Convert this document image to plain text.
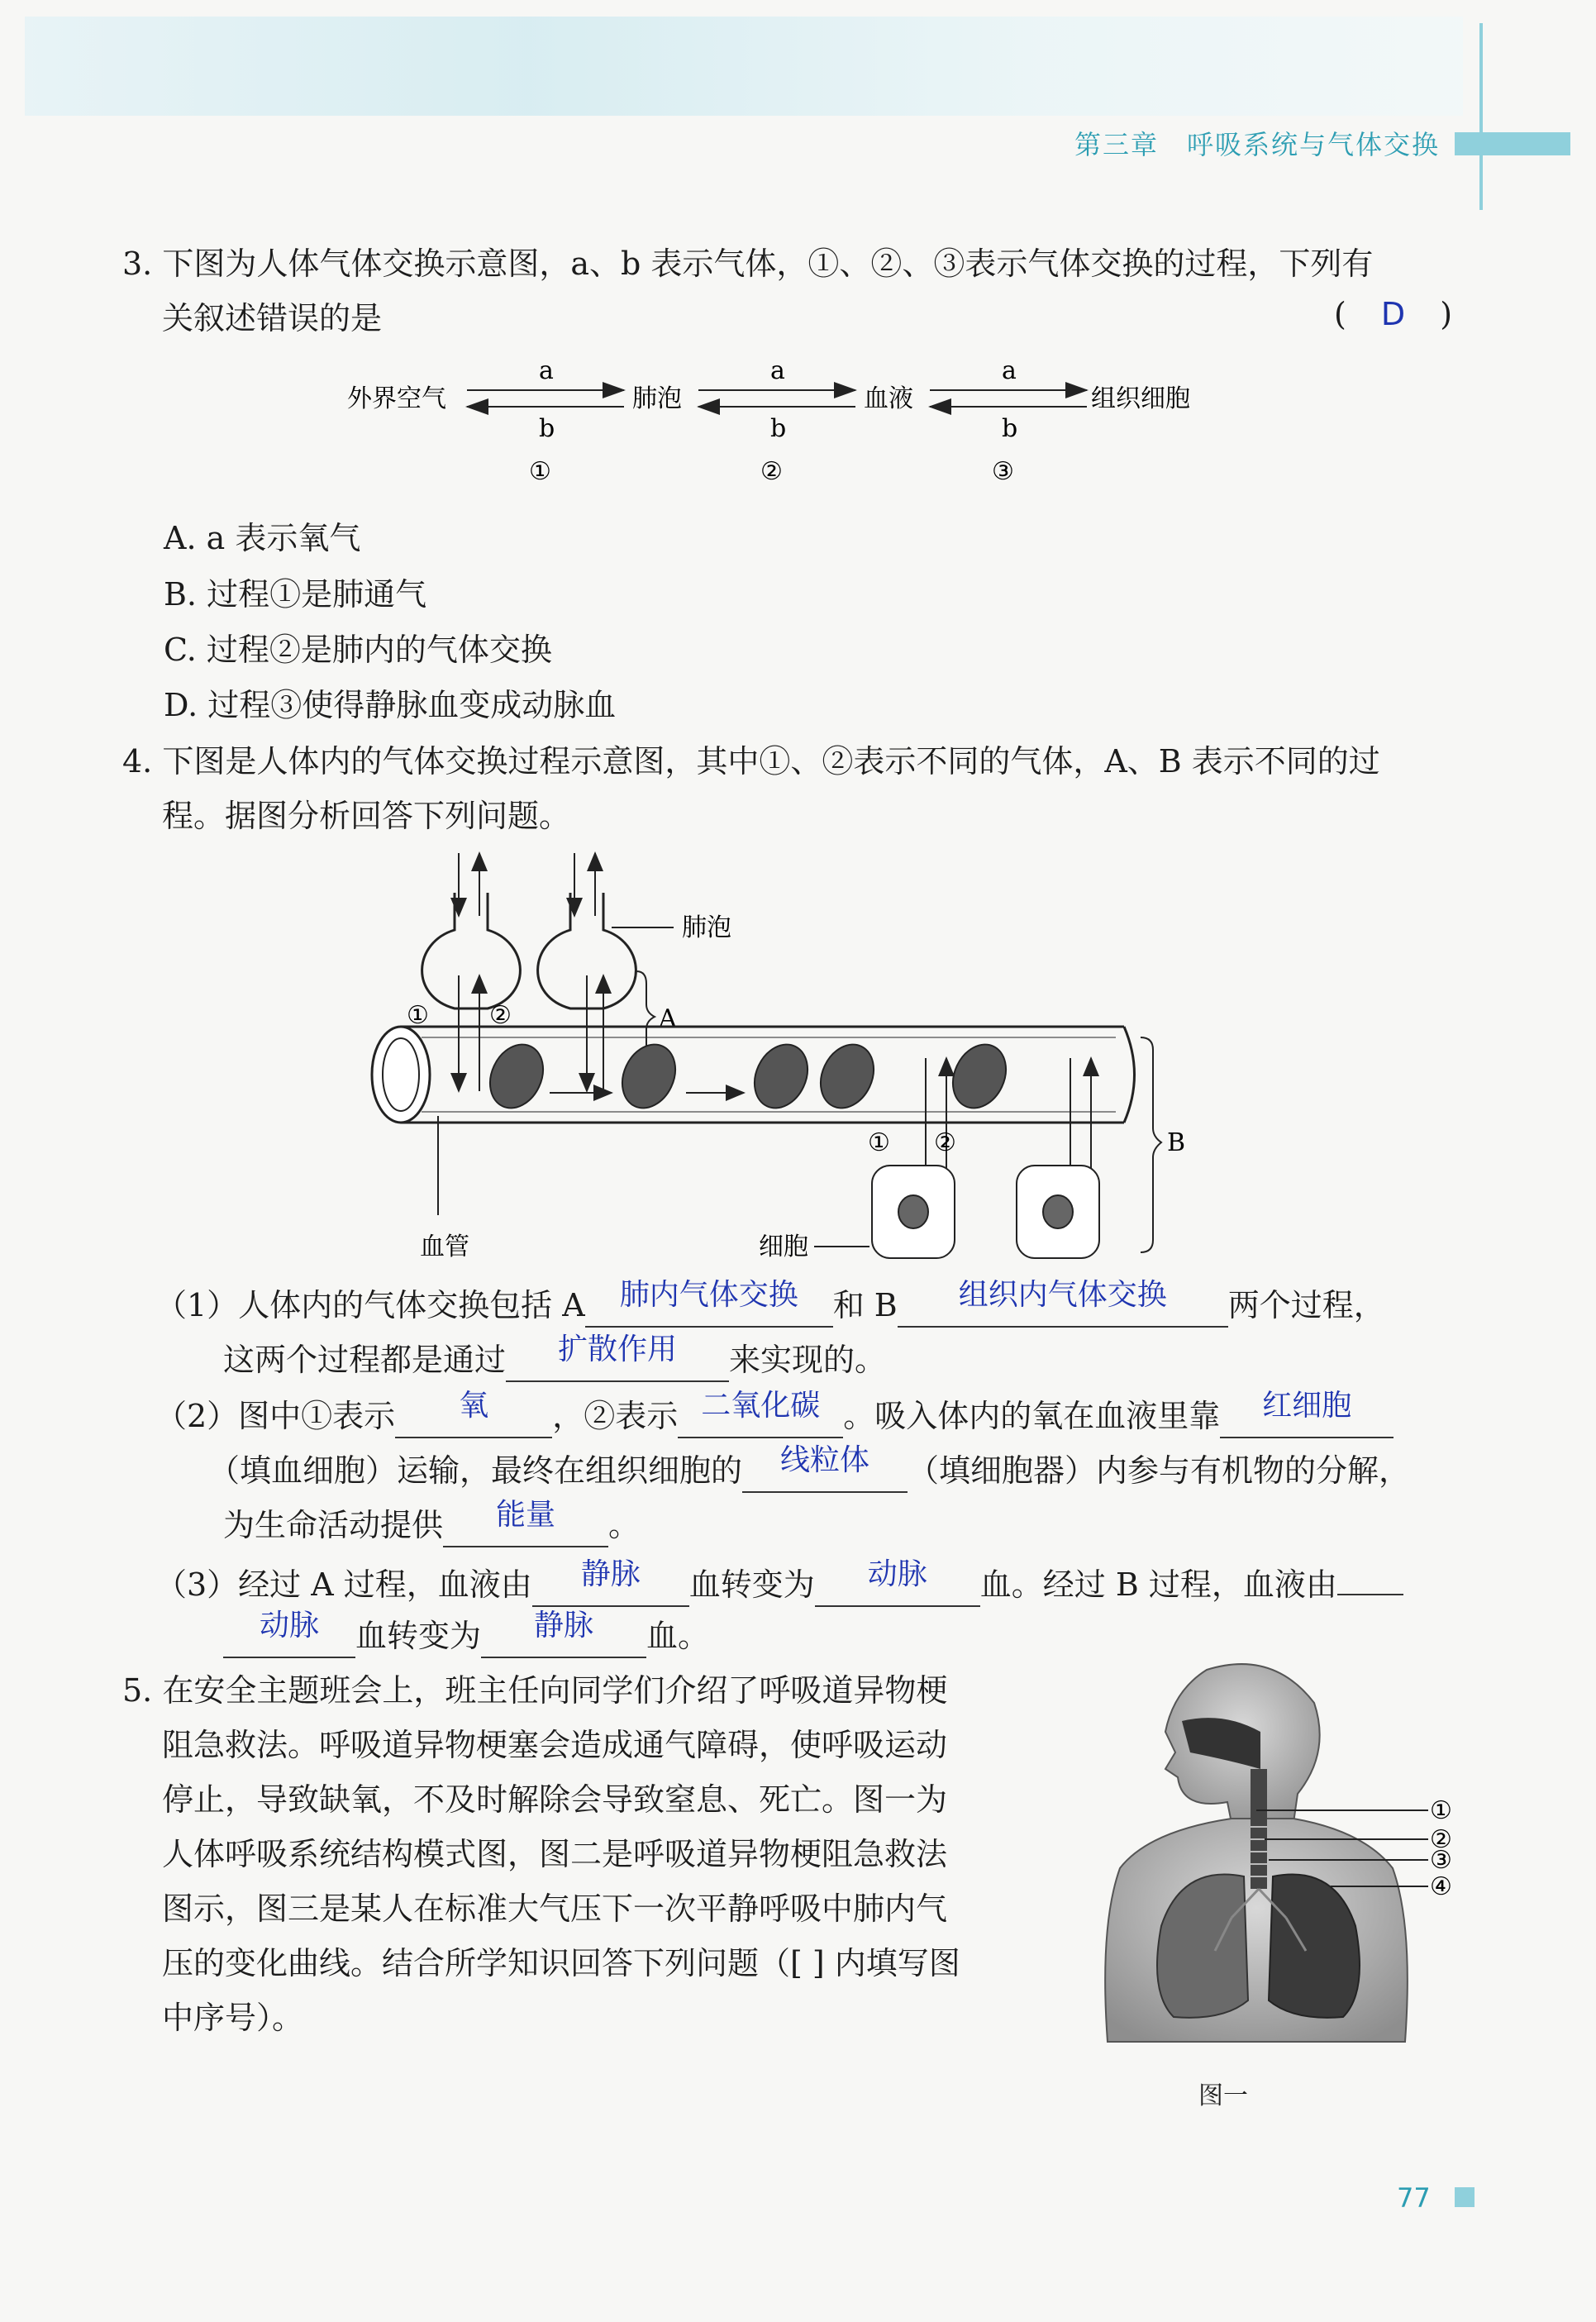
第三章　呼吸系统与气体交换
3. 下图为人体气体交换示意图，a、b 表示气体，①、②、③表示气体交换的过程，下列有
关叙述错误的是	( D )
外界空气	肺泡	血液	组织细胞
a
b
a
b
a
b
①	②	③
A. a 表示氧气
B. 过程①是肺通气
C. 过程②是肺内的气体交换
D. 过程③使得静脉血变成动脉血
4. 下图是人体内的气体交换过程示意图，其中①、②表示不同的气体，A、B 表示不同的过
程。据图分析回答下列问题。
肺泡
A
① ②
① ②	B
血管	细胞
（1）人体内的气体交换包括 A 肺内气体交换 和 B 组织内气体交换 两个过程，
这两个过程都是通过 扩散作用 来实现的。
（2）图中①表示 氧 ，②表示 二氧化碳 。吸入体内的氧在血液里靠 红细胞
（填血细胞）运输，最终在组织细胞的 线粒体 （填细胞器）内参与有机物的分解，
为生命活动提供 能量 。
（3）经过 A 过程，血液由 静脉 血转变为 动脉 血。经过 B 过程，血液由
动脉 血转变为 静脉 血。
5. 在安全主题班会上，班主任向同学们介绍了呼吸道异物梗
阻急救法。呼吸道异物梗塞会造成通气障碍，使呼吸运动
停止，导致缺氧，不及时解除会导致窒息、死亡。图一为
人体呼吸系统结构模式图，图二是呼吸道异物梗阻急救法
图示，图三是某人在标准大气压下一次平静呼吸中肺内气
压的变化曲线。结合所学知识回答下列问题（[ ] 内填写图
中序号）。
①
②
③
④
图一
77
